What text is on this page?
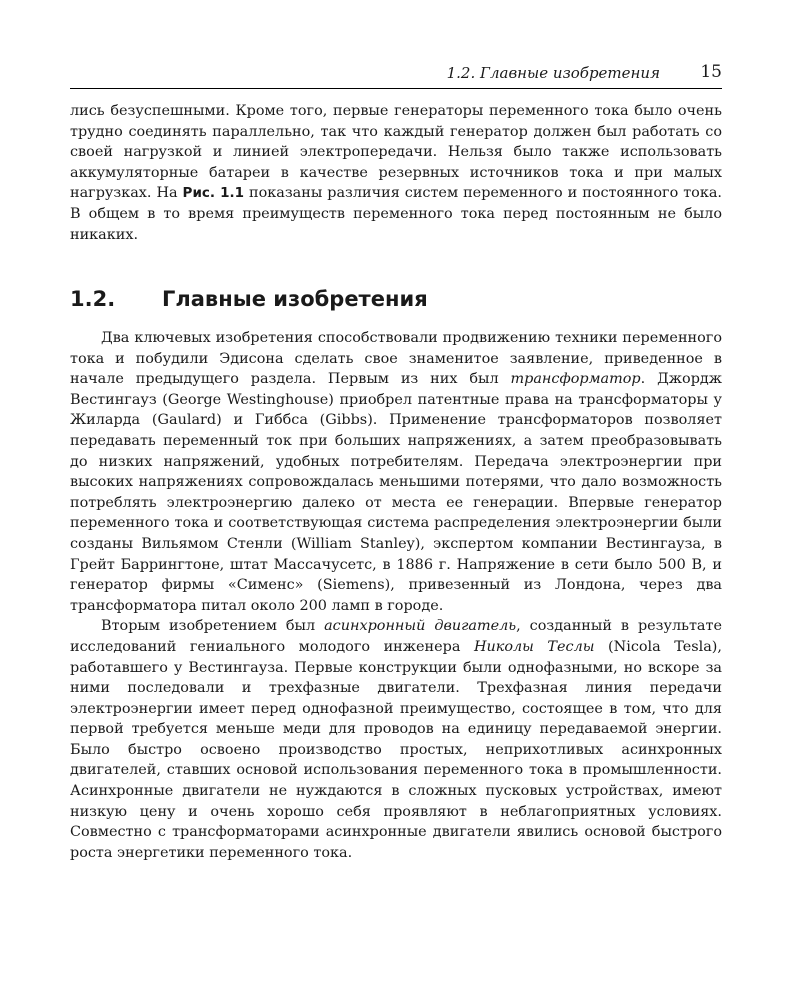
1.2. Главные изобретения 15

лись безуспешными. Кроме того, первые генераторы переменного тока было очень трудно соединять параллельно, так что каждый генератор должен был работать со своей нагрузкой и линией электропередачи. Нельзя было также использовать аккумуляторные батареи в качестве резервных источников тока и при малых нагрузках. На Рис. 1.1 показаны различия систем переменного и постоянного тока. В общем в то время преимуществ переменного тока перед постоянным не было никаких.

1.2. Главные изобретения

Два ключевых изобретения способствовали продвижению техники переменного тока и побудили Эдисона сделать свое знаменитое заявление, приведенное в начале предыдущего раздела. Первым из них был трансформатор. Джордж Вестингауз (George Westinghouse) приобрел патентные права на трансформаторы у Жиларда (Gaulard) и Гиббса (Gibbs). Применение трансформаторов позволяет передавать переменный ток при больших напряжениях, а затем преобразовывать до низких напряжений, удобных потребителям. Передача электроэнергии при высоких напряжениях сопровождалась меньшими потерями, что дало возможность потреблять электроэнергию далеко от места ее генерации. Впервые генератор переменного тока и соответствующая система распределения электроэнергии были созданы Вильямом Стенли (William Stanley), экспертом компании Вестингауза, в Грейт Баррингтоне, штат Массачусетс, в 1886 г. Напряжение в сети было 500 В, и генератор фирмы «Сименс» (Siemens), привезенный из Лондона, через два трансформатора питал около 200 ламп в городе.

Вторым изобретением был асинхронный двигатель, созданный в результате исследований гениального молодого инженера Николы Теслы (Nicola Tesla), работавшего у Вестингауза. Первые конструкции были однофазными, но вскоре за ними последовали и трехфазные двигатели. Трехфазная линия передачи электроэнергии имеет перед однофазной преимущество, состоящее в том, что для первой требуется меньше меди для проводов на единицу передаваемой энергии. Было быстро освоено производство простых, неприхотливых асинхронных двигателей, ставших основой использования переменного тока в промышленности. Асинхронные двигатели не нуждаются в сложных пусковых устройствах, имеют низкую цену и очень хорошо себя проявляют в неблагоприятных условиях. Совместно с трансформаторами асинхронные двигатели явились основой быстрого роста энергетики переменного тока.
